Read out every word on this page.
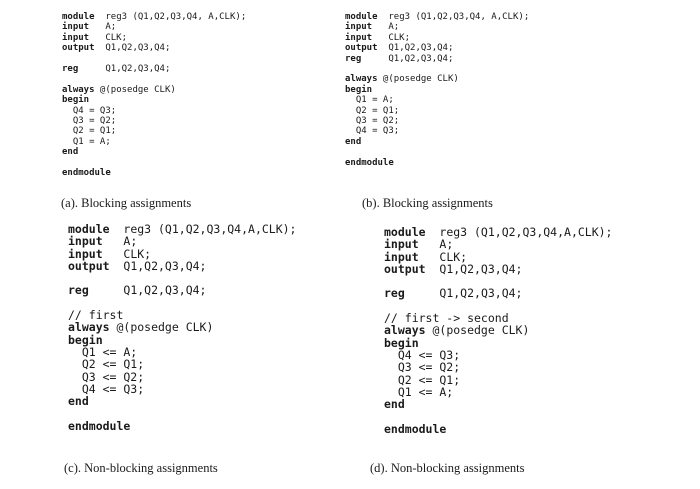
module  reg3 (Q1,Q2,Q3,Q4, A,CLK);
input   A;
input   CLK;
output  Q1,Q2,Q3,Q4;

reg     Q1,Q2,Q3,Q4;

always @(posedge CLK)
begin
Q4 = Q3;
Q3 = Q2;
Q2 = Q1;
Q1 = A;
end

endmodule
(a). Blocking assignments
module  reg3 (Q1,Q2,Q3,Q4, A,CLK);
input   A;
input   CLK;
output  Q1,Q2,Q3,Q4;
reg     Q1,Q2,Q3,Q4;

always @(posedge CLK)
begin
Q1 = A;
Q2 = Q1;
Q3 = Q2;
Q4 = Q3;
end

endmodule
(b). Blocking assignments
module  reg3 (Q1,Q2,Q3,Q4,A,CLK);
input   A;
input   CLK;
output  Q1,Q2,Q3,Q4;

reg     Q1,Q2,Q3,Q4;

// first
always @(posedge CLK)
begin
Q1 <= A;
Q2 <= Q1;
Q3 <= Q2;
Q4 <= Q3;
end

endmodule
(c). Non-blocking assignments
module  reg3 (Q1,Q2,Q3,Q4,A,CLK);
input   A;
input   CLK;
output  Q1,Q2,Q3,Q4;

reg     Q1,Q2,Q3,Q4;

// first -> second
always @(posedge CLK)
begin
Q4 <= Q3;
Q3 <= Q2;
Q2 <= Q1;
Q1 <= A;
end

endmodule
(d). Non-blocking assignments
